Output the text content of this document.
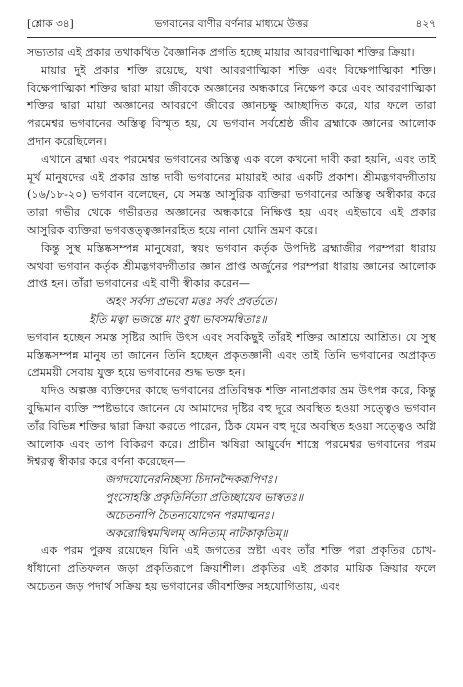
[শ্লোক ৩৪]	ভগবানের বাণীর বর্ণনার মাধ্যমে উত্তর	৪২৭

সভ্যতার এই প্রকার তথাকথিত বৈজ্ঞানিক প্রগতি হচ্ছে মায়ার আবরণাত্মিকা শক্তির ক্রিয়া।

মায়ার দুই প্রকার শক্তি রয়েছে, যথা আবরণাত্মিকা শক্তি এবং বিক্ষেপাত্মিকা শক্তি। বিক্ষেপাত্মিকা শক্তির দ্বারা মায়া জীবকে অজ্ঞানের অন্ধকারে নিক্ষেপ করে এবং আবরণাত্মিকা শক্তির দ্বারা মায়া অজ্ঞানের আবরণে জীবের জ্ঞানচক্ষু আচ্ছাদিত করে, যার ফলে তারা পরমেশ্বর ভগবানের অস্তিত্ব বিস্মৃত হয়, যে ভগবান সর্বশ্রেষ্ঠ জীব ব্রহ্মাকে জ্ঞানের আলোক প্রদান করেছিলেন।

এখানে ব্রহ্মা এবং পরমেশ্বর ভগবানের অস্তিত্ব এক বলে কখনো দাবী করা হয়নি, এবং তাই মূর্খ মানুষদের এই প্রকার ভ্রান্ত দাবী ভগবানের মায়ারই আর একটি প্রকাশ। শ্রীমদ্ভগবদ্গীতায় (১৬/১৮-২০) ভগবান বলেছেন, যে সমস্ত আসুরিক ব্যক্তিরা ভগবানের অস্তিত্ব অস্বীকার করে তারা গভীর থেকে গভীরতর অজ্ঞানের অন্ধকারে নিক্ষিপ্ত হয় এবং এইভাবে এই প্রকার আসুরিক ব্যক্তিরা ভগবত্তত্ত্বজ্ঞানরহিত হয়ে নানা যোনি ভ্রমণ করে।

কিন্তু সুস্থ মস্তিষ্কসম্পন্ন মানুষেরা, স্বয়ং ভগবান কর্তৃক উপদিষ্ট ব্রহ্মাজীর পরম্পরা ধারায় অথবা ভগবান কর্তৃক শ্রীমদ্ভগবদ্গীতার জ্ঞান প্রাপ্ত অর্জুনের পরম্পরা ধারায় জ্ঞানের আলোক প্রাপ্ত হন। তাঁরা ভগবানের এই বাণী স্বীকার করেন—

অহং সর্বস্য প্রভবো মত্তঃ সর্বং প্রবর্ততে।

ইতি মত্বা ভজন্তে মাং বুধা ভাবসমন্বিতাঃ॥

ভগবান হচ্ছেন সমস্ত সৃষ্টির আদি উৎস এবং সবকিছুই তাঁরই শক্তির আশ্রয়ে আশ্রিত। যে সুস্থ মস্তিষ্কসম্পন্ন মানুষ তা জানেন তিনি হচ্ছেন প্রকৃতজ্ঞানী এবং তাই তিনি ভগবানের অপ্রাকৃত প্রেমময়ী সেবায় যুক্ত হয়ে ভগবানের শুদ্ধ ভক্ত হন।

যদিও অল্পজ্ঞ ব্যক্তিদের কাছে ভগবানের প্রতিবিম্বক শক্তি নানাপ্রকার ভ্রম উৎপন্ন করে, কিন্তু বুদ্ধিমান ব্যক্তি স্পষ্টভাবে জানেন যে আমাদের দৃষ্টির বহু দূরে অবস্থিত হওয়া সত্ত্বেও ভগবান তাঁর বিভিন্ন শক্তির দ্বারা ক্রিয়া করতে পারেন, ঠিক যেমন বহু দূরে অবস্থিত হওয়া সত্ত্বেও অগ্নি আলোক এবং তাপ বিকিরণ করে। প্রাচীন ঋষিরা আয়ুর্বেদ শাস্ত্রে পরমেশ্বর ভগবানের পরম ঈশ্বরত্ব স্বীকার করে বর্ণনা করেছেন—

জগদযোনেরনিচ্ছস্য চিদানন্দৈকরূপিণঃ।
পুংসোহস্তি প্রকৃতির্নিত্যা প্রতিচ্ছায়েব ভাস্বতঃ॥
অচেতনাপি চৈতন্যযোগেন পরমাত্মনঃ।
অকরোদ্বিশ্বমখিলম্ অনিত্যম্ নাটকাকৃতিম্॥

এক পরম পুরুষ রয়েছেন যিনি এই জগতের স্রষ্টা এবং তাঁর শক্তি পরা প্রকৃতির চোখ-ধাঁধানো প্রতিফলন জড়া প্রকৃতিরূপে ক্রিয়াশীল। প্রকৃতির এই প্রকার মায়িক ক্রিয়ার ফলে অচেতন জড় পদার্থ সক্রিয় হয় ভগবানের জীবশক্তির সহযোগিতায়, এবং
